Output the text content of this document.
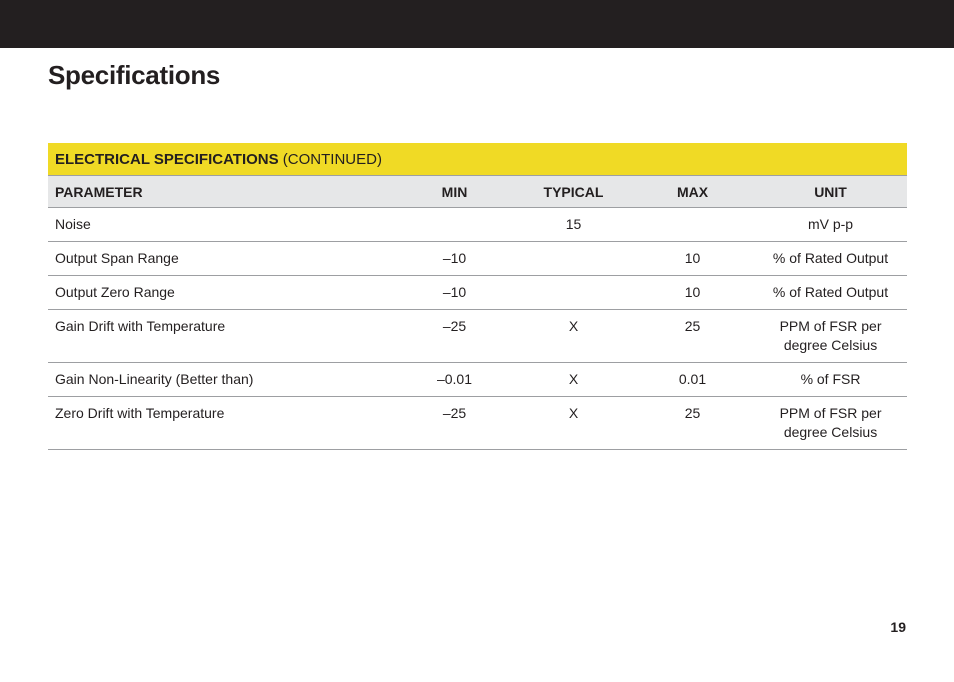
Specifications
ELECTRICAL SPECIFICATIONS (CONTINUED)				
PARAMETER	MIN	TYPICAL	MAX	UNIT
Noise		15		mV p-p
Output Span Range	–10		10	% of Rated Output
Output Zero Range	–10		10	% of Rated Output
Gain Drift with Temperature	–25	X	25	PPM of FSR per
degree Celsius
Gain Non-Linearity (Better than)	–0.01	X	0.01	% of FSR
Zero Drift with Temperature	–25	X	25	PPM of FSR per
degree Celsius
19
